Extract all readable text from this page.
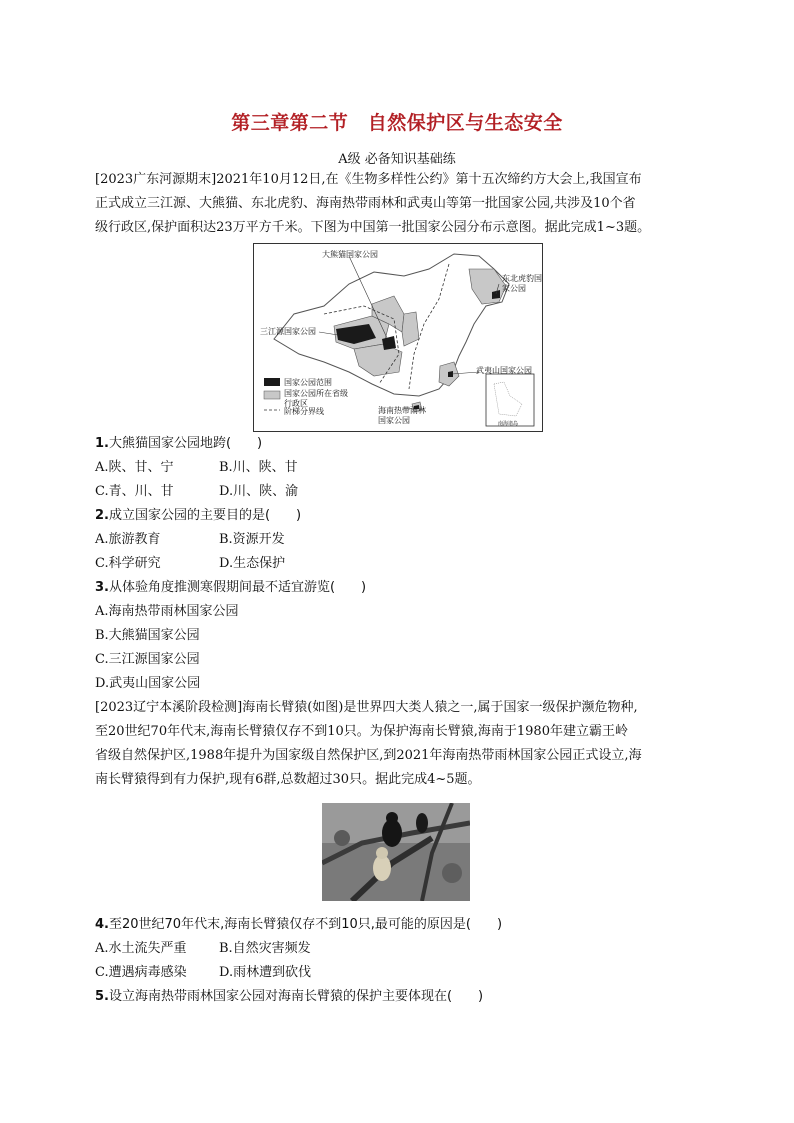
第三章第二节　自然保护区与生态安全
A级 必备知识基础练
[2023广东河源期末]2021年10月12日,在《生物多样性公约》第十五次缔约方大会上,我国宣布
正式成立三江源、大熊猫、东北虎豹、海南热带雨林和武夷山等第一批国家公园,共涉及10个省
级行政区,保护面积达23万平方千米。下图为中国第一批国家公园分布示意图。据此完成1~3题。
大熊猫国家公园
东北虎豹国家公园
三江源国家公园
武夷山国家公园
海南热带雨林国家公园	南海诸岛
国家公园范围
国家公园所在省级行政区
阶梯分界线
1.大熊猫国家公园地跨(　　)
A.陕、甘、宁	B.川、陕、甘
C.青、川、甘	D.川、陕、渝
2.成立国家公园的主要目的是(　　)
A.旅游教育	B.资源开发
C.科学研究	D.生态保护
3.从体验角度推测寒假期间最不适宜游览(　　)
A.海南热带雨林国家公园
B.大熊猫国家公园
C.三江源国家公园
D.武夷山国家公园
[2023辽宁本溪阶段检测]海南长臂猿(如图)是世界四大类人猿之一,属于国家一级保护濒危物种,
至20世纪70年代末,海南长臂猿仅存不到10只。为保护海南长臂猿,海南于1980年建立霸王岭
省级自然保护区,1988年提升为国家级自然保护区,到2021年海南热带雨林国家公园正式设立,海
南长臂猿得到有力保护,现有6群,总数超过30只。据此完成4~5题。
4.至20世纪70年代末,海南长臂猿仅存不到10只,最可能的原因是(　　)
A.水土流失严重 B.自然灾害频发
C.遭遇病毒感染 D.雨林遭到砍伐
5.设立海南热带雨林国家公园对海南长臂猿的保护主要体现在(　　)
